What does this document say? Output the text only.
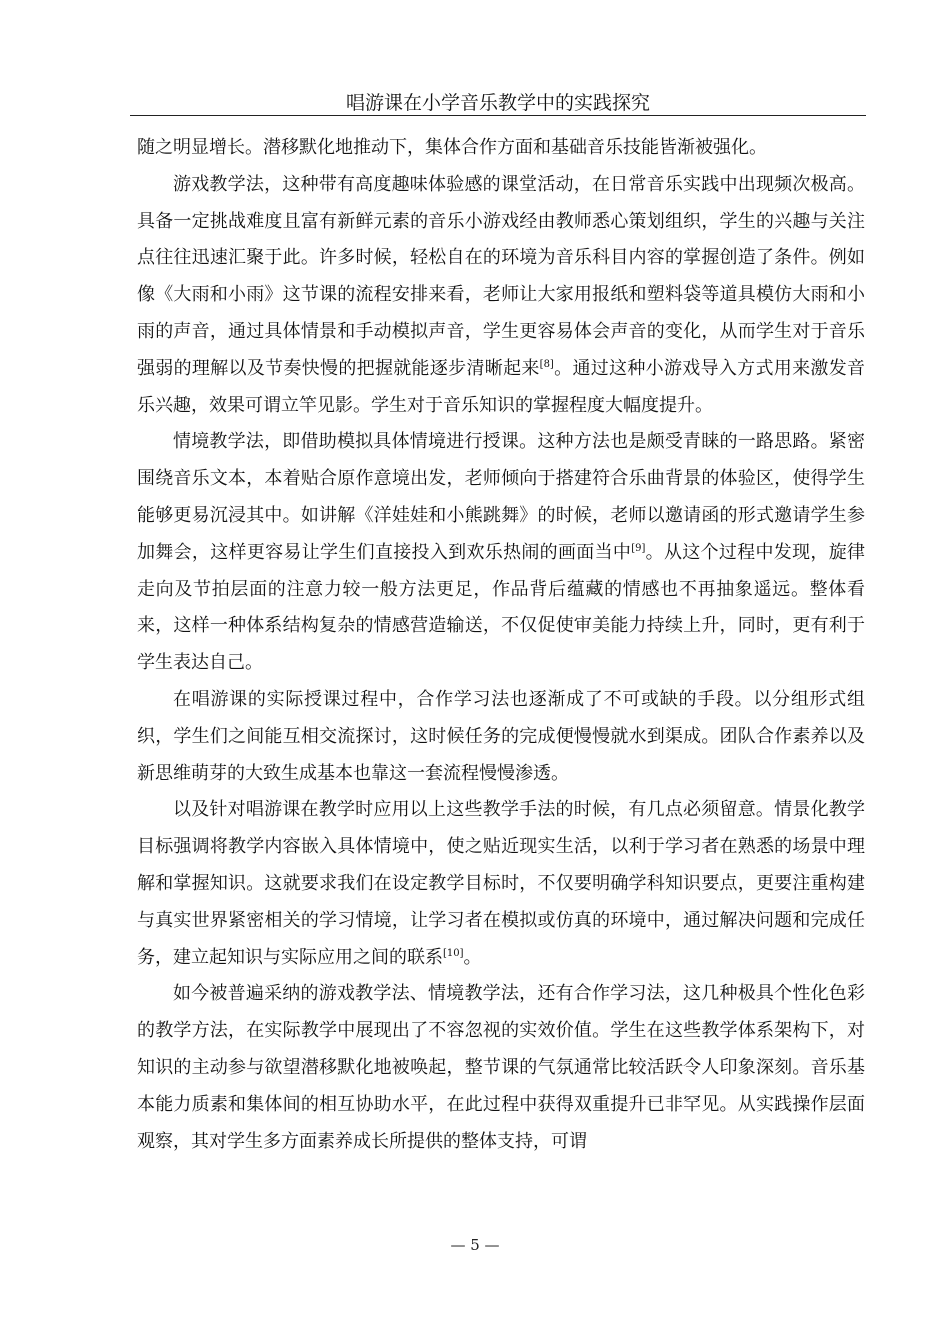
唱游课在小学音乐教学中的实践探究

随之明显增长。潜移默化地推动下，集体合作方面和基础音乐技能皆渐被强化。

游戏教学法，这种带有高度趣味体验感的课堂活动，在日常音乐实践中出现频次极高。具备一定挑战难度且富有新鲜元素的音乐小游戏经由教师悉心策划组织，学生的兴趣与关注点往往迅速汇聚于此。许多时候，轻松自在的环境为音乐科目内容的掌握创造了条件。例如像《大雨和小雨》这节课的流程安排来看，老师让大家用报纸和塑料袋等道具模仿大雨和小雨的声音，通过具体情景和手动模拟声音，学生更容易体会声音的变化，从而学生对于音乐强弱的理解以及节奏快慢的把握就能逐步清晰起来[8]。通过这种小游戏导入方式用来激发音乐兴趣，效果可谓立竿见影。学生对于音乐知识的掌握程度大幅度提升。

情境教学法，即借助模拟具体情境进行授课。这种方法也是颇受青睐的一路思路。紧密围绕音乐文本，本着贴合原作意境出发，老师倾向于搭建符合乐曲背景的体验区，使得学生能够更易沉浸其中。如讲解《洋娃娃和小熊跳舞》的时候，老师以邀请函的形式邀请学生参加舞会，这样更容易让学生们直接投入到欢乐热闹的画面当中[9]。从这个过程中发现，旋律走向及节拍层面的注意力较一般方法更足，作品背后蕴藏的情感也不再抽象遥远。整体看来，这样一种体系结构复杂的情感营造输送，不仅促使审美能力持续上升，同时，更有利于学生表达自己。

在唱游课的实际授课过程中，合作学习法也逐渐成了不可或缺的手段。以分组形式组织，学生们之间能互相交流探讨，这时候任务的完成便慢慢就水到渠成。团队合作素养以及新思维萌芽的大致生成基本也靠这一套流程慢慢渗透。

以及针对唱游课在教学时应用以上这些教学手法的时候，有几点必须留意。情景化教学目标强调将教学内容嵌入具体情境中，使之贴近现实生活，以利于学习者在熟悉的场景中理解和掌握知识。这就要求我们在设定教学目标时，不仅要明确学科知识要点，更要注重构建与真实世界紧密相关的学习情境，让学习者在模拟或仿真的环境中，通过解决问题和完成任务，建立起知识与实际应用之间的联系[10]。

如今被普遍采纳的游戏教学法、情境教学法，还有合作学习法，这几种极具个性化色彩的教学方法，在实际教学中展现出了不容忽视的实效价值。学生在这些教学体系架构下，对知识的主动参与欲望潜移默化地被唤起，整节课的气氛通常比较活跃令人印象深刻。音乐基本能力质素和集体间的相互协助水平，在此过程中获得双重提升已非罕见。从实践操作层面观察，其对学生多方面素养成长所提供的整体支持，可谓

— 5 —
